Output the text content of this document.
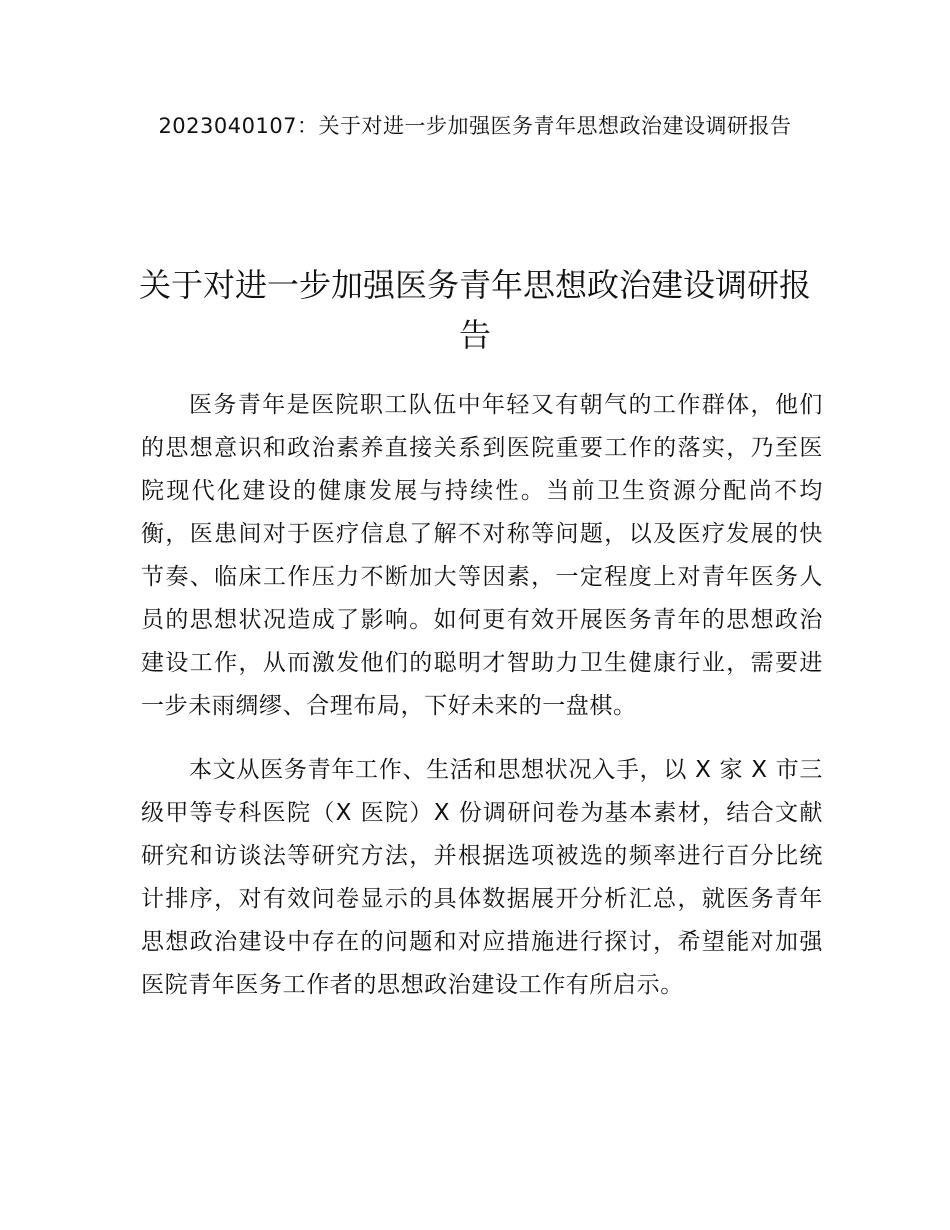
2023040107：关于对进一步加强医务青年思想政治建设调研报告
关于对进一步加强医务青年思想政治建设调研报告

医务青年是医院职工队伍中年轻又有朝气的工作群体，他们的思想意识和政治素养直接关系到医院重要工作的落实，乃至医院现代化建设的健康发展与持续性。当前卫生资源分配尚不均衡，医患间对于医疗信息了解不对称等问题，以及医疗发展的快节奏、临床工作压力不断加大等因素，一定程度上对青年医务人员的思想状况造成了影响。如何更有效开展医务青年的思想政治建设工作，从而激发他们的聪明才智助力卫生健康行业，需要进一步未雨绸缪、合理布局，下好未来的一盘棋。

本文从医务青年工作、生活和思想状况入手，以 X 家 X 市三级甲等专科医院（X 医院）X 份调研问卷为基本素材，结合文献研究和访谈法等研究方法，并根据选项被选的频率进行百分比统计排序，对有效问卷显示的具体数据展开分析汇总，就医务青年思想政治建设中存在的问题和对应措施进行探讨，希望能对加强医院青年医务工作者的思想政治建设工作有所启示。
